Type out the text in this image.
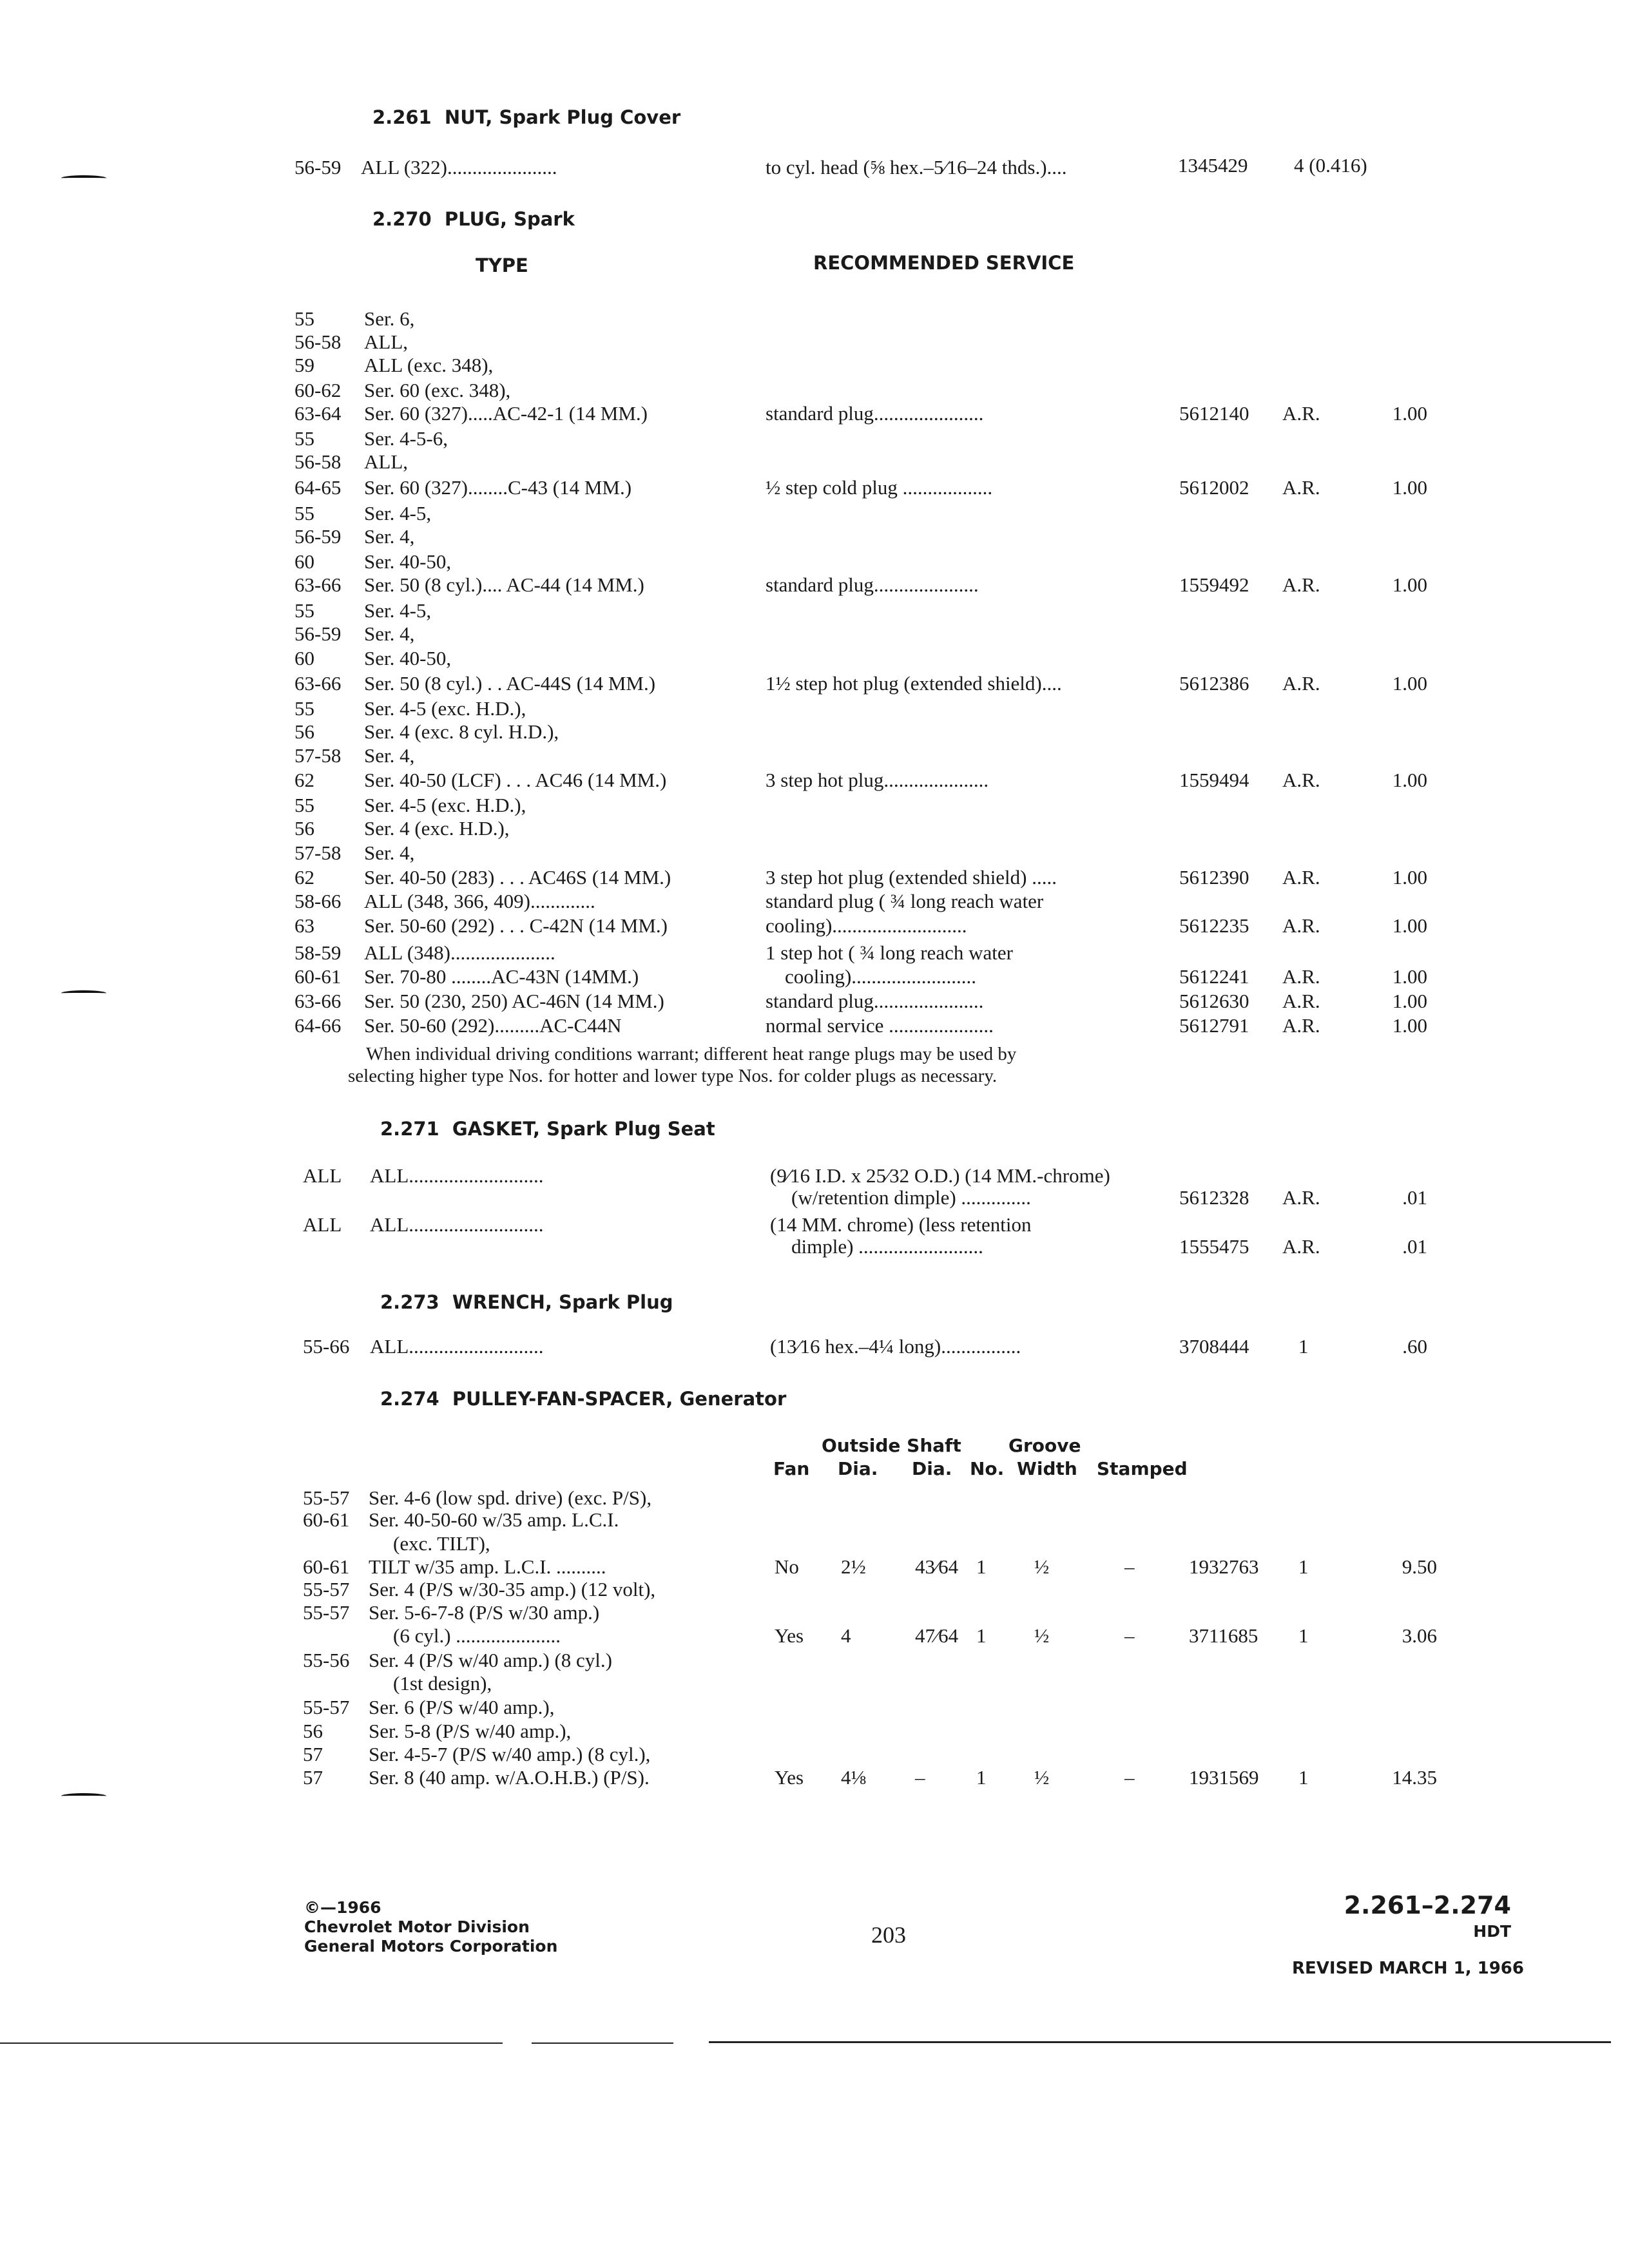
2.261  NUT, Spark Plug Cover
56-59 ALL (322)......................	to cyl. head (⅝ hex.–5⁄16–24 thds.)....	1345429 4 (0.416)
2.270  PLUG, Spark
TYPE	RECOMMENDED SERVICE
55 Ser. 6,
56-58 ALL,
59 ALL (exc. 348),
60-62 Ser. 60 (exc. 348),
63-64 Ser. 60 (327).....AC-42-1 (14 MM.)	standard plug......................	5612140 A.R.	1.00
55 Ser. 4-5-6,
56-58 ALL,
64-65 Ser. 60 (327)........C-43 (14 MM.)	½ step cold plug ..................	5612002 A.R.	1.00
55 Ser. 4-5,
56-59 Ser. 4,
60 Ser. 40-50,
63-66 Ser. 50 (8 cyl.).... AC-44 (14 MM.)	standard plug.....................	1559492 A.R.	1.00
55 Ser. 4-5,
56-59 Ser. 4,
60 Ser. 40-50,
63-66 Ser. 50 (8 cyl.) . . AC-44S (14 MM.)	1½ step hot plug (extended shield)....	5612386 A.R.	1.00
55 Ser. 4-5 (exc. H.D.),
56 Ser. 4 (exc. 8 cyl. H.D.),
57-58 Ser. 4,
62 Ser. 40-50 (LCF) . . . AC46 (14 MM.)	3 step hot plug.....................	1559494 A.R.	1.00
55 Ser. 4-5 (exc. H.D.),
56 Ser. 4 (exc. H.D.),
57-58 Ser. 4,
62 Ser. 40-50 (283) . . . AC46S (14 MM.)	3 step hot plug (extended shield) .....	5612390 A.R.	1.00
58-66 ALL (348, 366, 409).............	standard plug ( ¾ long reach water
63 Ser. 50-60 (292) . . . C-42N (14 MM.)	cooling)...........................	5612235 A.R.	1.00
58-59 ALL (348).....................	1 step hot ( ¾ long reach water
60-61 Ser. 70-80 ........AC-43N (14MM.)	cooling).........................	5612241 A.R.	1.00
63-66 Ser. 50 (230, 250) AC-46N (14 MM.)	standard plug......................	5612630 A.R.	1.00
64-66 Ser. 50-60 (292).........AC-C44N	normal service .....................	5612791 A.R.	1.00
When individual driving conditions warrant; different heat range plugs may be used by
selecting higher type Nos. for hotter and lower type Nos. for colder plugs as necessary.
2.271  GASKET, Spark Plug Seat
ALL ALL...........................	(9⁄16 I.D. x 25⁄32 O.D.) (14 MM.-chrome)
(w/retention dimple) ..............	5612328 A.R.	.01
ALL ALL...........................	(14 MM. chrome) (less retention
dimple) .........................	1555475 A.R.	.01
2.273  WRENCH, Spark Plug
55-66 ALL...........................	(13⁄16 hex.–4¼ long)................	3708444 1	.60
2.274  PULLEY-FAN-SPACER, Generator
Outside Shaft	Groove
Fan Dia. Dia. No. Width Stamped
55-57 Ser. 4-6 (low spd. drive) (exc. P/S),
60-61 Ser. 40-50-60 w/35 amp. L.C.I.
(exc. TILT),
60-61 TILT w/35 amp. L.C.I. ..........	No 2½ 43⁄64 1 ½	–	1932763 1	9.50
55-57 Ser. 4 (P/S w/30-35 amp.) (12 volt),
55-57 Ser. 5-6-7-8 (P/S w/30 amp.)
(6 cyl.) .....................	Yes 4	47⁄64 1 ½	–	3711685 1	3.06
55-56 Ser. 4 (P/S w/40 amp.) (8 cyl.)
(1st design),
55-57 Ser. 6 (P/S w/40 amp.),
56 Ser. 5-8 (P/S w/40 amp.),
57 Ser. 4-5-7 (P/S w/40 amp.) (8 cyl.),
57 Ser. 8 (40 amp. w/A.O.H.B.) (P/S).	Yes 4⅛ –	1 ½	–	1931569 1	14.35
©—1966
Chevrolet Motor Division
General Motors Corporation	203
2.261–2.274
HDT
REVISED MARCH 1, 1966
